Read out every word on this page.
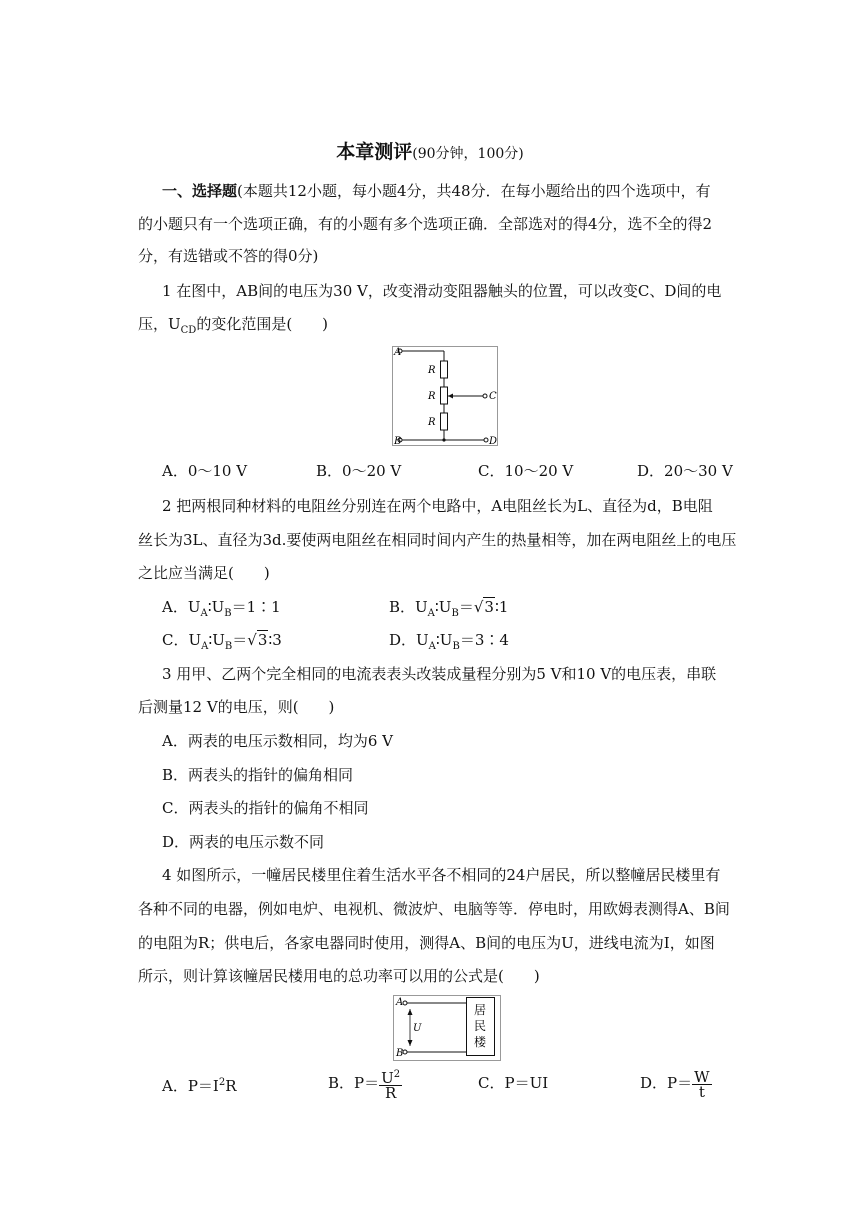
本章测评(90分钟，100分)
一、选择题(本题共12小题，每小题4分，共48分．在每小题给出的四个选项中，有
的小题只有一个选项正确，有的小题有多个选项正确．全部选对的得4分，选不全的得2
分，有选错或不答的得0分)
1 在图中，AB间的电压为30 V，改变滑动变阻器触头的位置，可以改变C、D间的电
压，$U_{CD}$的变化范围是(　　)
A
B
C
D
R
R
R
A．0～10 V	B．0～20 V	C．10～20 V	D．20～30 V
2 把两根同种材料的电阻丝分别连在两个电路中，A电阻丝长为L、直径为d，B电阻
丝长为3L、直径为3d.要使两电阻丝在相同时间内产生的热量相等，加在两电阻丝上的电压
之比应当满足(　　)
A．$U_A∶U_B=1∶1$	B．$U_A∶U_B=√3∶1$
C．$U_A∶U_B=√3∶3$	D．$U_A∶U_B=3∶4$
3 用甲、乙两个完全相同的电流表表头改装成量程分别为5 V和10 V的电压表，串联
后测量12 V的电压，则(　　)
A．两表的电压示数相同，均为6 V
B．两表头的指针的偏角相同
C．两表头的指针的偏角不相同
D．两表的电压示数不同
4 如图所示，一幢居民楼里住着生活水平各不相同的24户居民，所以整幢居民楼里有
各种不同的电器，例如电炉、电视机、微波炉、电脑等等．停电时，用欧姆表测得A、B间
的电阻为R；供电后，各家电器同时使用，测得A、B间的电压为U，进线电流为I，如图
所示，则计算该幢居民楼用电的总功率可以用的公式是(　　)
A
B
U
居
民
楼
A．$P=I^2R$	B．$P= \frac{U^2}{R}$	C．P＝UI	D．$P= \frac{W}{t}$
